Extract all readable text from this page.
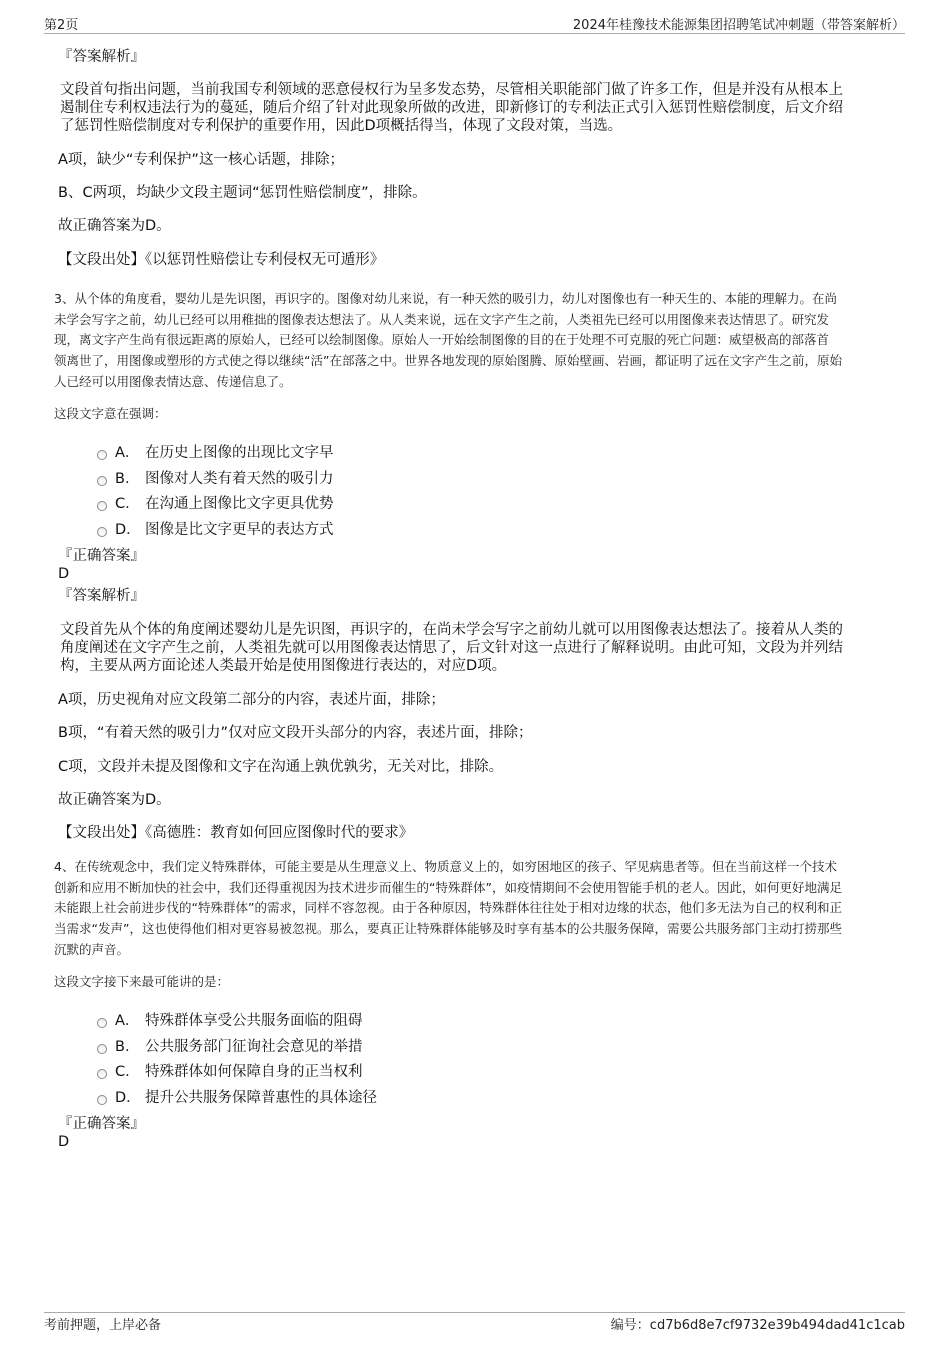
第2页	2024年桂豫技术能源集团招聘笔试冲刺题（带答案解析）
『答案解析』
文段首句指出问题，当前我国专利领域的恶意侵权行为呈多发态势，尽管相关职能部门做了许多工作，但是并没有从根本上
遏制住专利权违法行为的蔓延，随后介绍了针对此现象所做的改进，即新修订的专利法正式引入惩罚性赔偿制度，后文介绍
了惩罚性赔偿制度对专利保护的重要作用，因此D项概括得当，体现了文段对策，当选。
A项，缺少“专利保护”这一核心话题，排除；
B、C两项，均缺少文段主题词“惩罚性赔偿制度”，排除。
故正确答案为D。
【文段出处】《以惩罚性赔偿让专利侵权无可遁形》
3、从个体的角度看，婴幼儿是先识图，再识字的。图像对幼儿来说，有一种天然的吸引力，幼儿对图像也有一种天生的、本能的理解力。在尚
未学会写字之前，幼儿已经可以用稚拙的图像表达想法了。从人类来说，远在文字产生之前，人类祖先已经可以用图像来表达情思了。研究发
现，离文字产生尚有很远距离的原始人，已经可以绘制图像。原始人一开始绘制图像的目的在于处理不可克服的死亡问题：威望极高的部落首
领离世了，用图像或塑形的方式使之得以继续“活”在部落之中。世界各地发现的原始图腾、原始壁画、岩画，都证明了远在文字产生之前，原始
人已经可以用图像表情达意、传递信息了。
这段文字意在强调：
A． 在历史上图像的出现比文字早
B． 图像对人类有着天然的吸引力
C． 在沟通上图像比文字更具优势
D． 图像是比文字更早的表达方式
『正确答案』
D
『答案解析』
文段首先从个体的角度阐述婴幼儿是先识图，再识字的，在尚未学会写字之前幼儿就可以用图像表达想法了。接着从人类的
角度阐述在文字产生之前，人类祖先就可以用图像表达情思了，后文针对这一点进行了解释说明。由此可知，文段为并列结
构，主要从两方面论述人类最开始是使用图像进行表达的，对应D项。
A项，历史视角对应文段第二部分的内容，表述片面，排除；
B项，“有着天然的吸引力”仅对应文段开头部分的内容，表述片面，排除；
C项，文段并未提及图像和文字在沟通上孰优孰劣，无关对比，排除。
故正确答案为D。
【文段出处】《高德胜：教育如何回应图像时代的要求》
4、在传统观念中，我们定义特殊群体，可能主要是从生理意义上、物质意义上的，如穷困地区的孩子、罕见病患者等。但在当前这样一个技术
创新和应用不断加快的社会中，我们还得重视因为技术进步而催生的“特殊群体”，如疫情期间不会使用智能手机的老人。因此，如何更好地满足
未能跟上社会前进步伐的“特殊群体”的需求，同样不容忽视。由于各种原因，特殊群体往往处于相对边缘的状态，他们多无法为自己的权利和正
当需求“发声”，这也使得他们相对更容易被忽视。那么，要真正让特殊群体能够及时享有基本的公共服务保障，需要公共服务部门主动打捞那些
沉默的声音。
这段文字接下来最可能讲的是：
A． 特殊群体享受公共服务面临的阻碍
B． 公共服务部门征询社会意见的举措
C． 特殊群体如何保障自身的正当权利
D． 提升公共服务保障普惠性的具体途径
『正确答案』
D
考前押题，上岸必备	编号：cd7b6d8e7cf9732e39b494dad41c1cab
